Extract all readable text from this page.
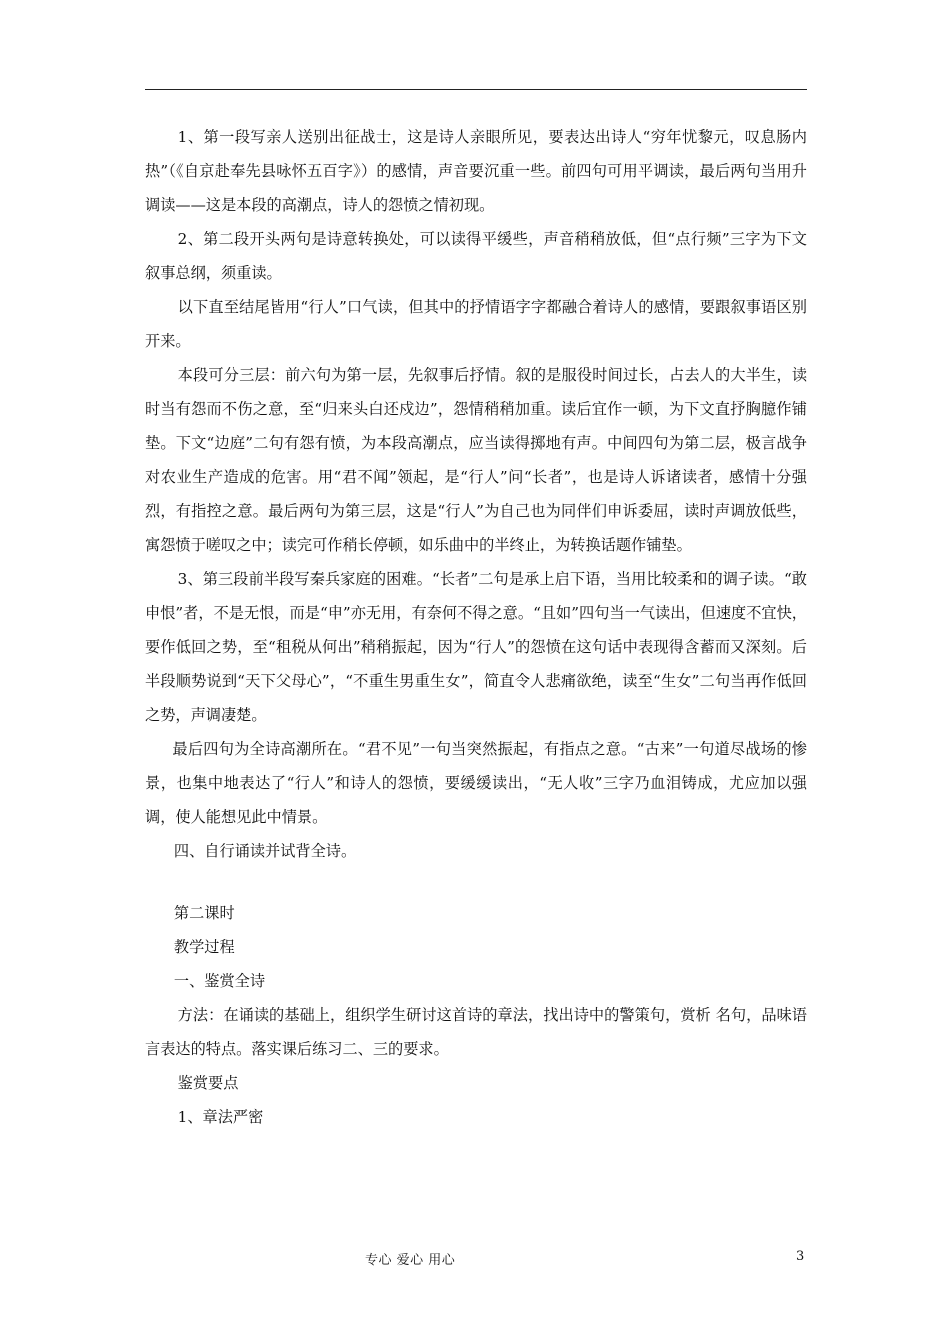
1、第一段写亲人送别出征战士，这是诗人亲眼所见，要表达出诗人“穷年忧黎元，叹息肠内热”（《自京赴奉先县咏怀五百字》）的感情，声音要沉重一些。前四句可用平调读，最后两句当用升调读——这是本段的高潮点，诗人的怨愤之情初现。

2、第二段开头两句是诗意转换处，可以读得平缓些，声音稍稍放低，但“点行频”三字为下文叙事总纲，须重读。

以下直至结尾皆用“行人”口气读，但其中的抒情语字字都融合着诗人的感情，要跟叙事语区别开来。

本段可分三层：前六句为第一层，先叙事后抒情。叙的是服役时间过长，占去人的大半生，读时当有怨而不伤之意，至“归来头白还戍边”，怨情稍稍加重。读后宜作一顿，为下文直抒胸臆作铺垫。下文“边庭”二句有怨有愤，为本段高潮点，应当读得掷地有声。中间四句为第二层，极言战争对农业生产造成的危害。用“君不闻”领起，是“行人”问“长者”，也是诗人诉诸读者，感情十分强烈，有指控之意。最后两句为第三层，这是“行人”为自己也为同伴们申诉委屈，读时声调放低些，寓怨愤于嗟叹之中；读完可作稍长停顿，如乐曲中的半终止，为转换话题作铺垫。

3、第三段前半段写秦兵家庭的困难。“长者”二句是承上启下语，当用比较柔和的调子读。“敢申恨”者，不是无恨，而是“申”亦无用，有奈何不得之意。“且如”四句当一气读出，但速度不宜快，要作低回之势，至“租税从何出”稍稍振起，因为“行人”的怨愤在这句话中表现得含蓄而又深刻。后半段顺势说到“天下父母心”，“不重生男重生女”，简直令人悲痛欲绝，读至“生女”二句当再作低回之势，声调凄楚。

最后四句为全诗高潮所在。“君不见”一句当突然振起，有指点之意。“古来”一句道尽战场的惨景，也集中地表达了“行人”和诗人的怨愤，要缓缓读出，“无人收”三字乃血泪铸成，尤应加以强调，使人能想见此中情景。

四、自行诵读并试背全诗。

第二课时

教学过程

一、鉴赏全诗

方法：在诵读的基础上，组织学生研讨这首诗的章法，找出诗中的警策句，赏析 名句，品味语言表达的特点。落实课后练习二、三的要求。

鉴赏要点

1、章法严密

专心 爱心 用心	3
